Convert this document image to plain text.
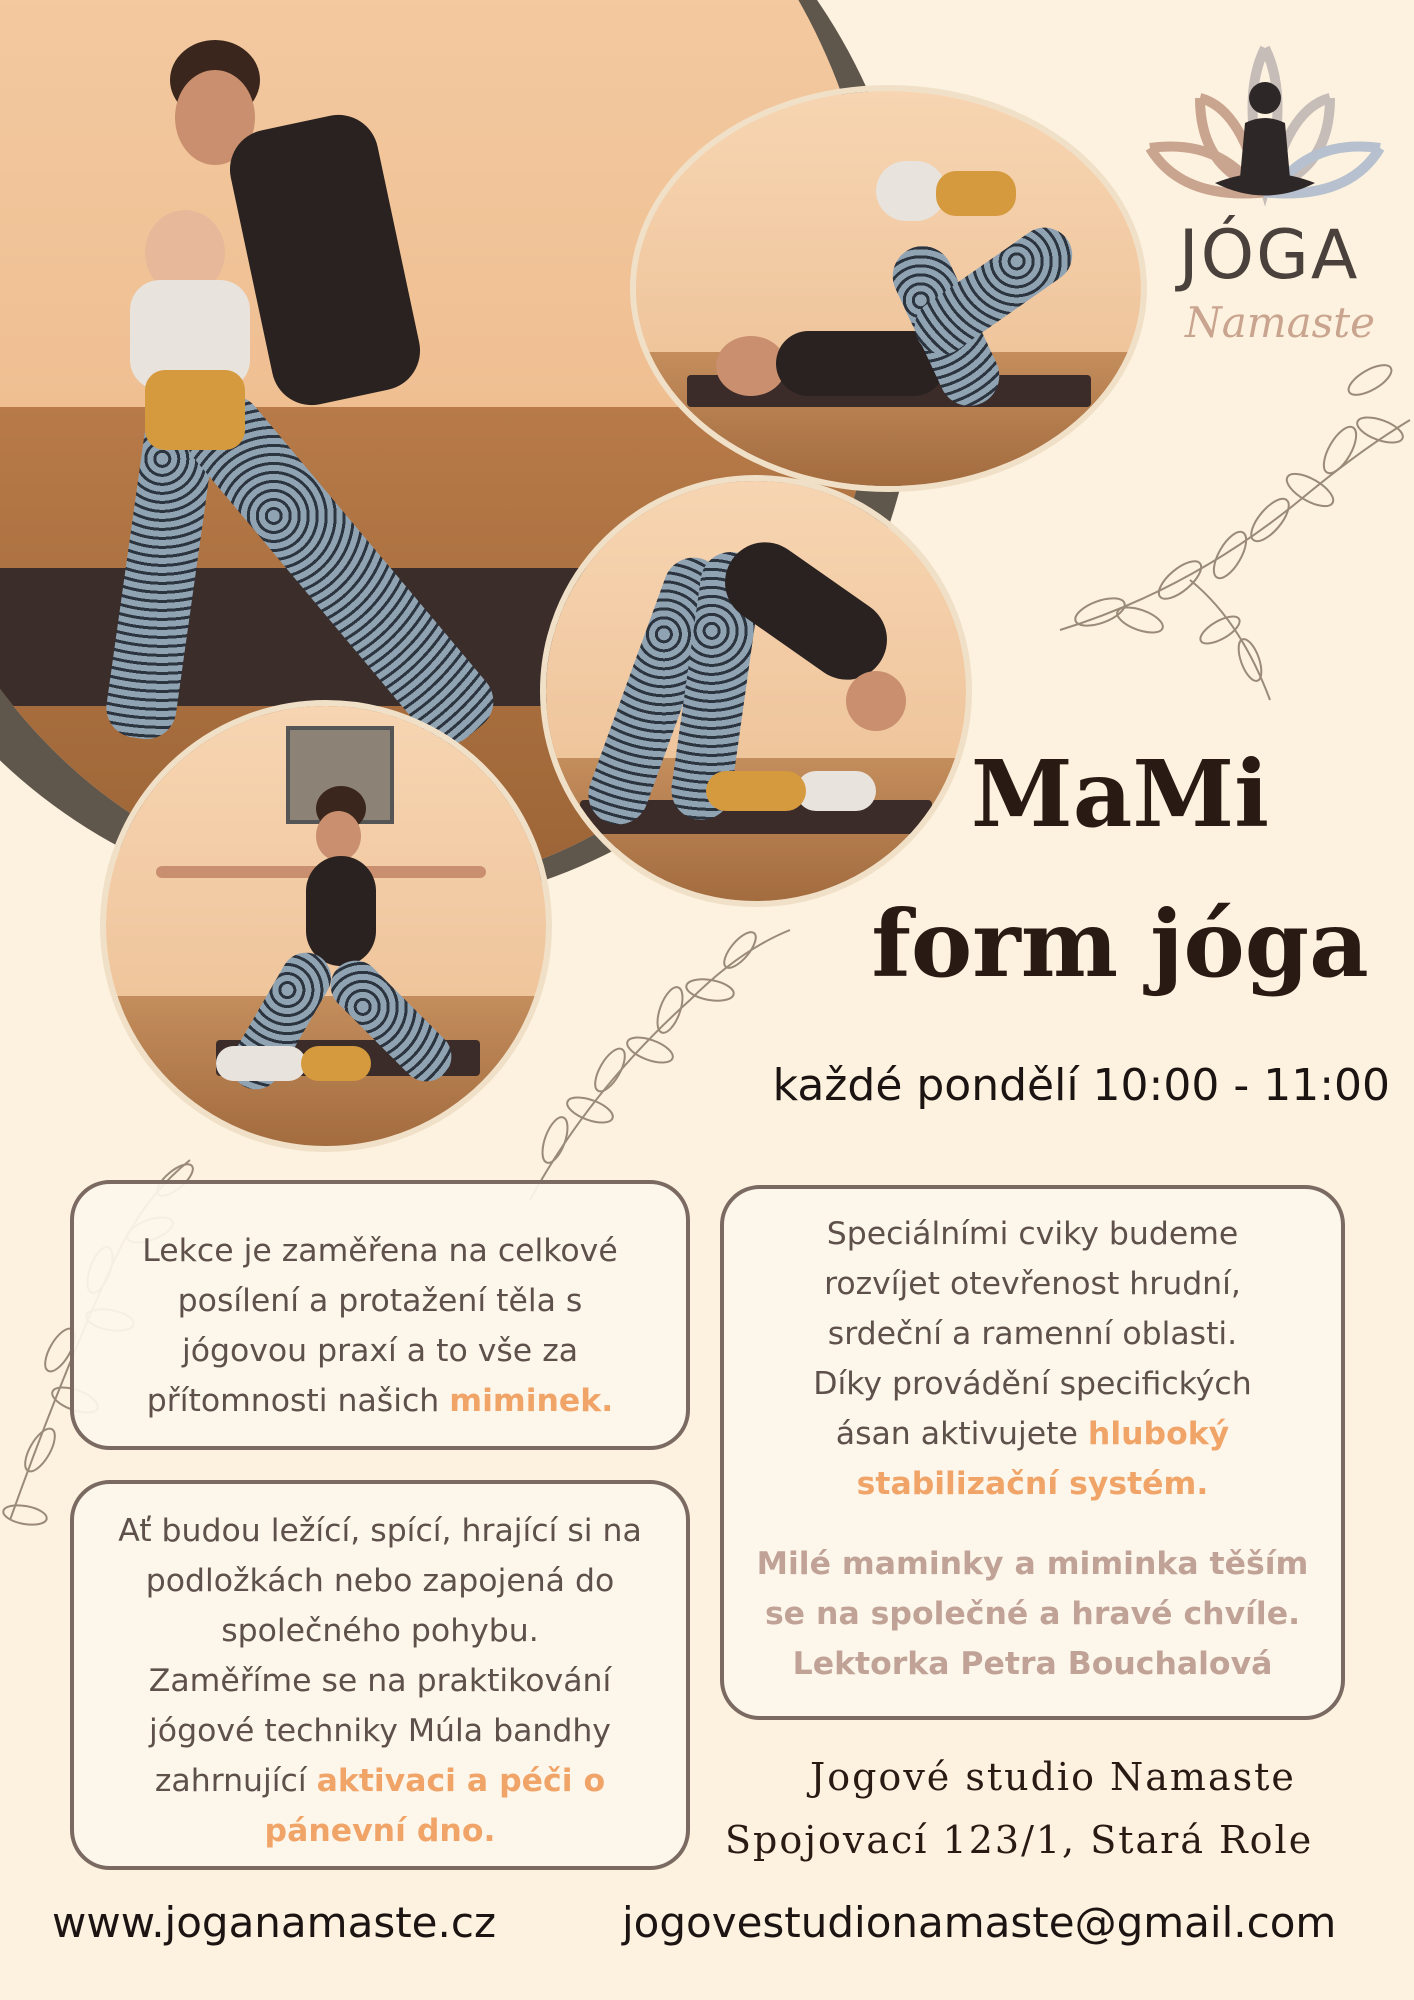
JÓGA
Namaste
MaMi
form jóga
každé pondělí 10:00 - 11:00
Lekce je zaměřena na celkové
posílení a protažení těla s
jógovou praxí a to vše za
přítomnosti našich miminek.
Ať budou ležící, spící, hrající si na
podložkách nebo zapojená do
společného pohybu.
Zaměříme se na praktikování
jógové techniky Múla bandhy
zahrnující aktivaci a péči o
pánevní dno.
Speciálními cviky budeme
rozvíjet otevřenost hrudní,
srdeční a ramenní oblasti.
Díky provádění specifických
ásan aktivujete hluboký
stabilizační systém.
Milé maminky a miminka těším
se na společné a hravé chvíle.
Lektorka Petra Bouchalová
Jogové studio Namaste
Spojovací 123/1, Stará Role
www.joganamaste.cz	jogovestudionamaste@gmail.com
